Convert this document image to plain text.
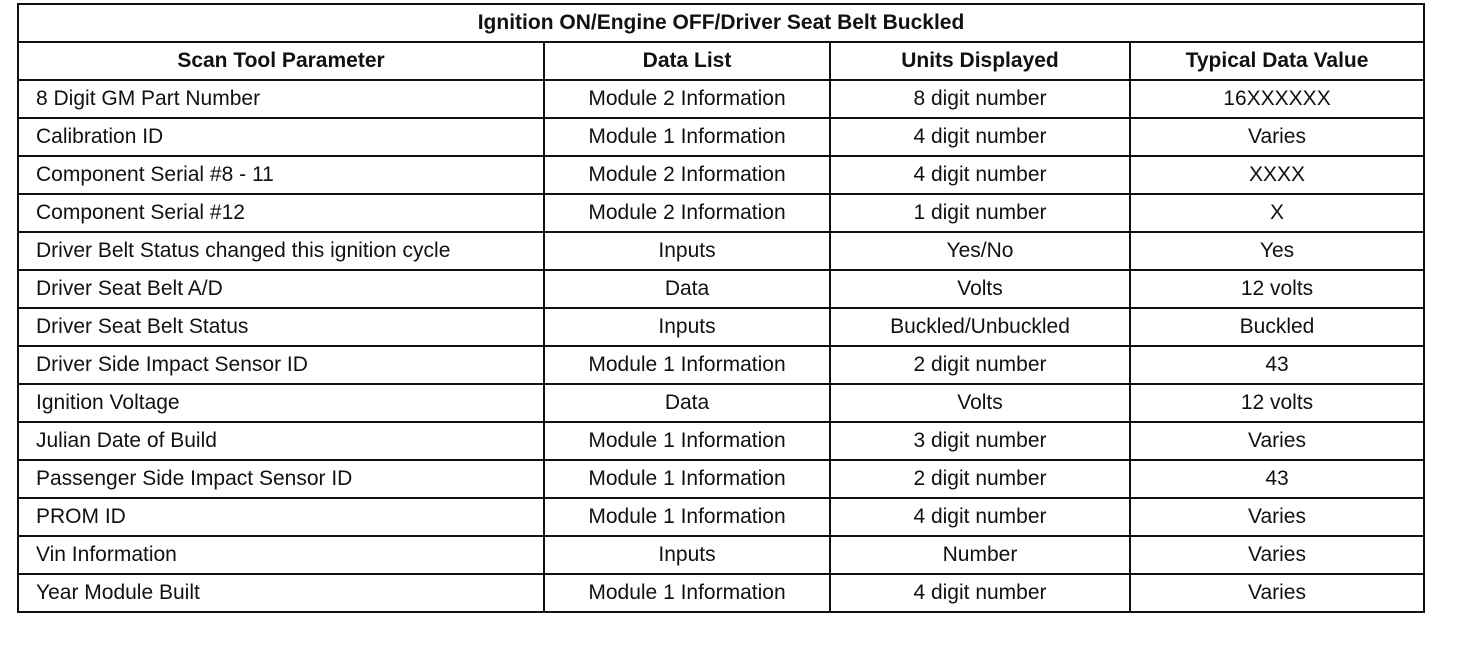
Ignition ON/Engine OFF/Driver Seat Belt Buckled			
Scan Tool Parameter	Data List	Units Displayed	Typical Data Value
8 Digit GM Part Number	Module 2 Information	8 digit number	16XXXXXX
Calibration ID	Module 1 Information	4 digit number	Varies
Component Serial #8 - 11	Module 2 Information	4 digit number	XXXX
Component Serial #12	Module 2 Information	1 digit number	X
Driver Belt Status changed this ignition cycle	Inputs	Yes/No	Yes
Driver Seat Belt A/D	Data	Volts	12 volts
Driver Seat Belt Status	Inputs	Buckled/Unbuckled	Buckled
Driver Side Impact Sensor ID	Module 1 Information	2 digit number	43
Ignition Voltage	Data	Volts	12 volts
Julian Date of Build	Module 1 Information	3 digit number	Varies
Passenger Side Impact Sensor ID	Module 1 Information	2 digit number	43
PROM ID	Module 1 Information	4 digit number	Varies
Vin Information	Inputs	Number	Varies
Year Module Built	Module 1 Information	4 digit number	Varies
